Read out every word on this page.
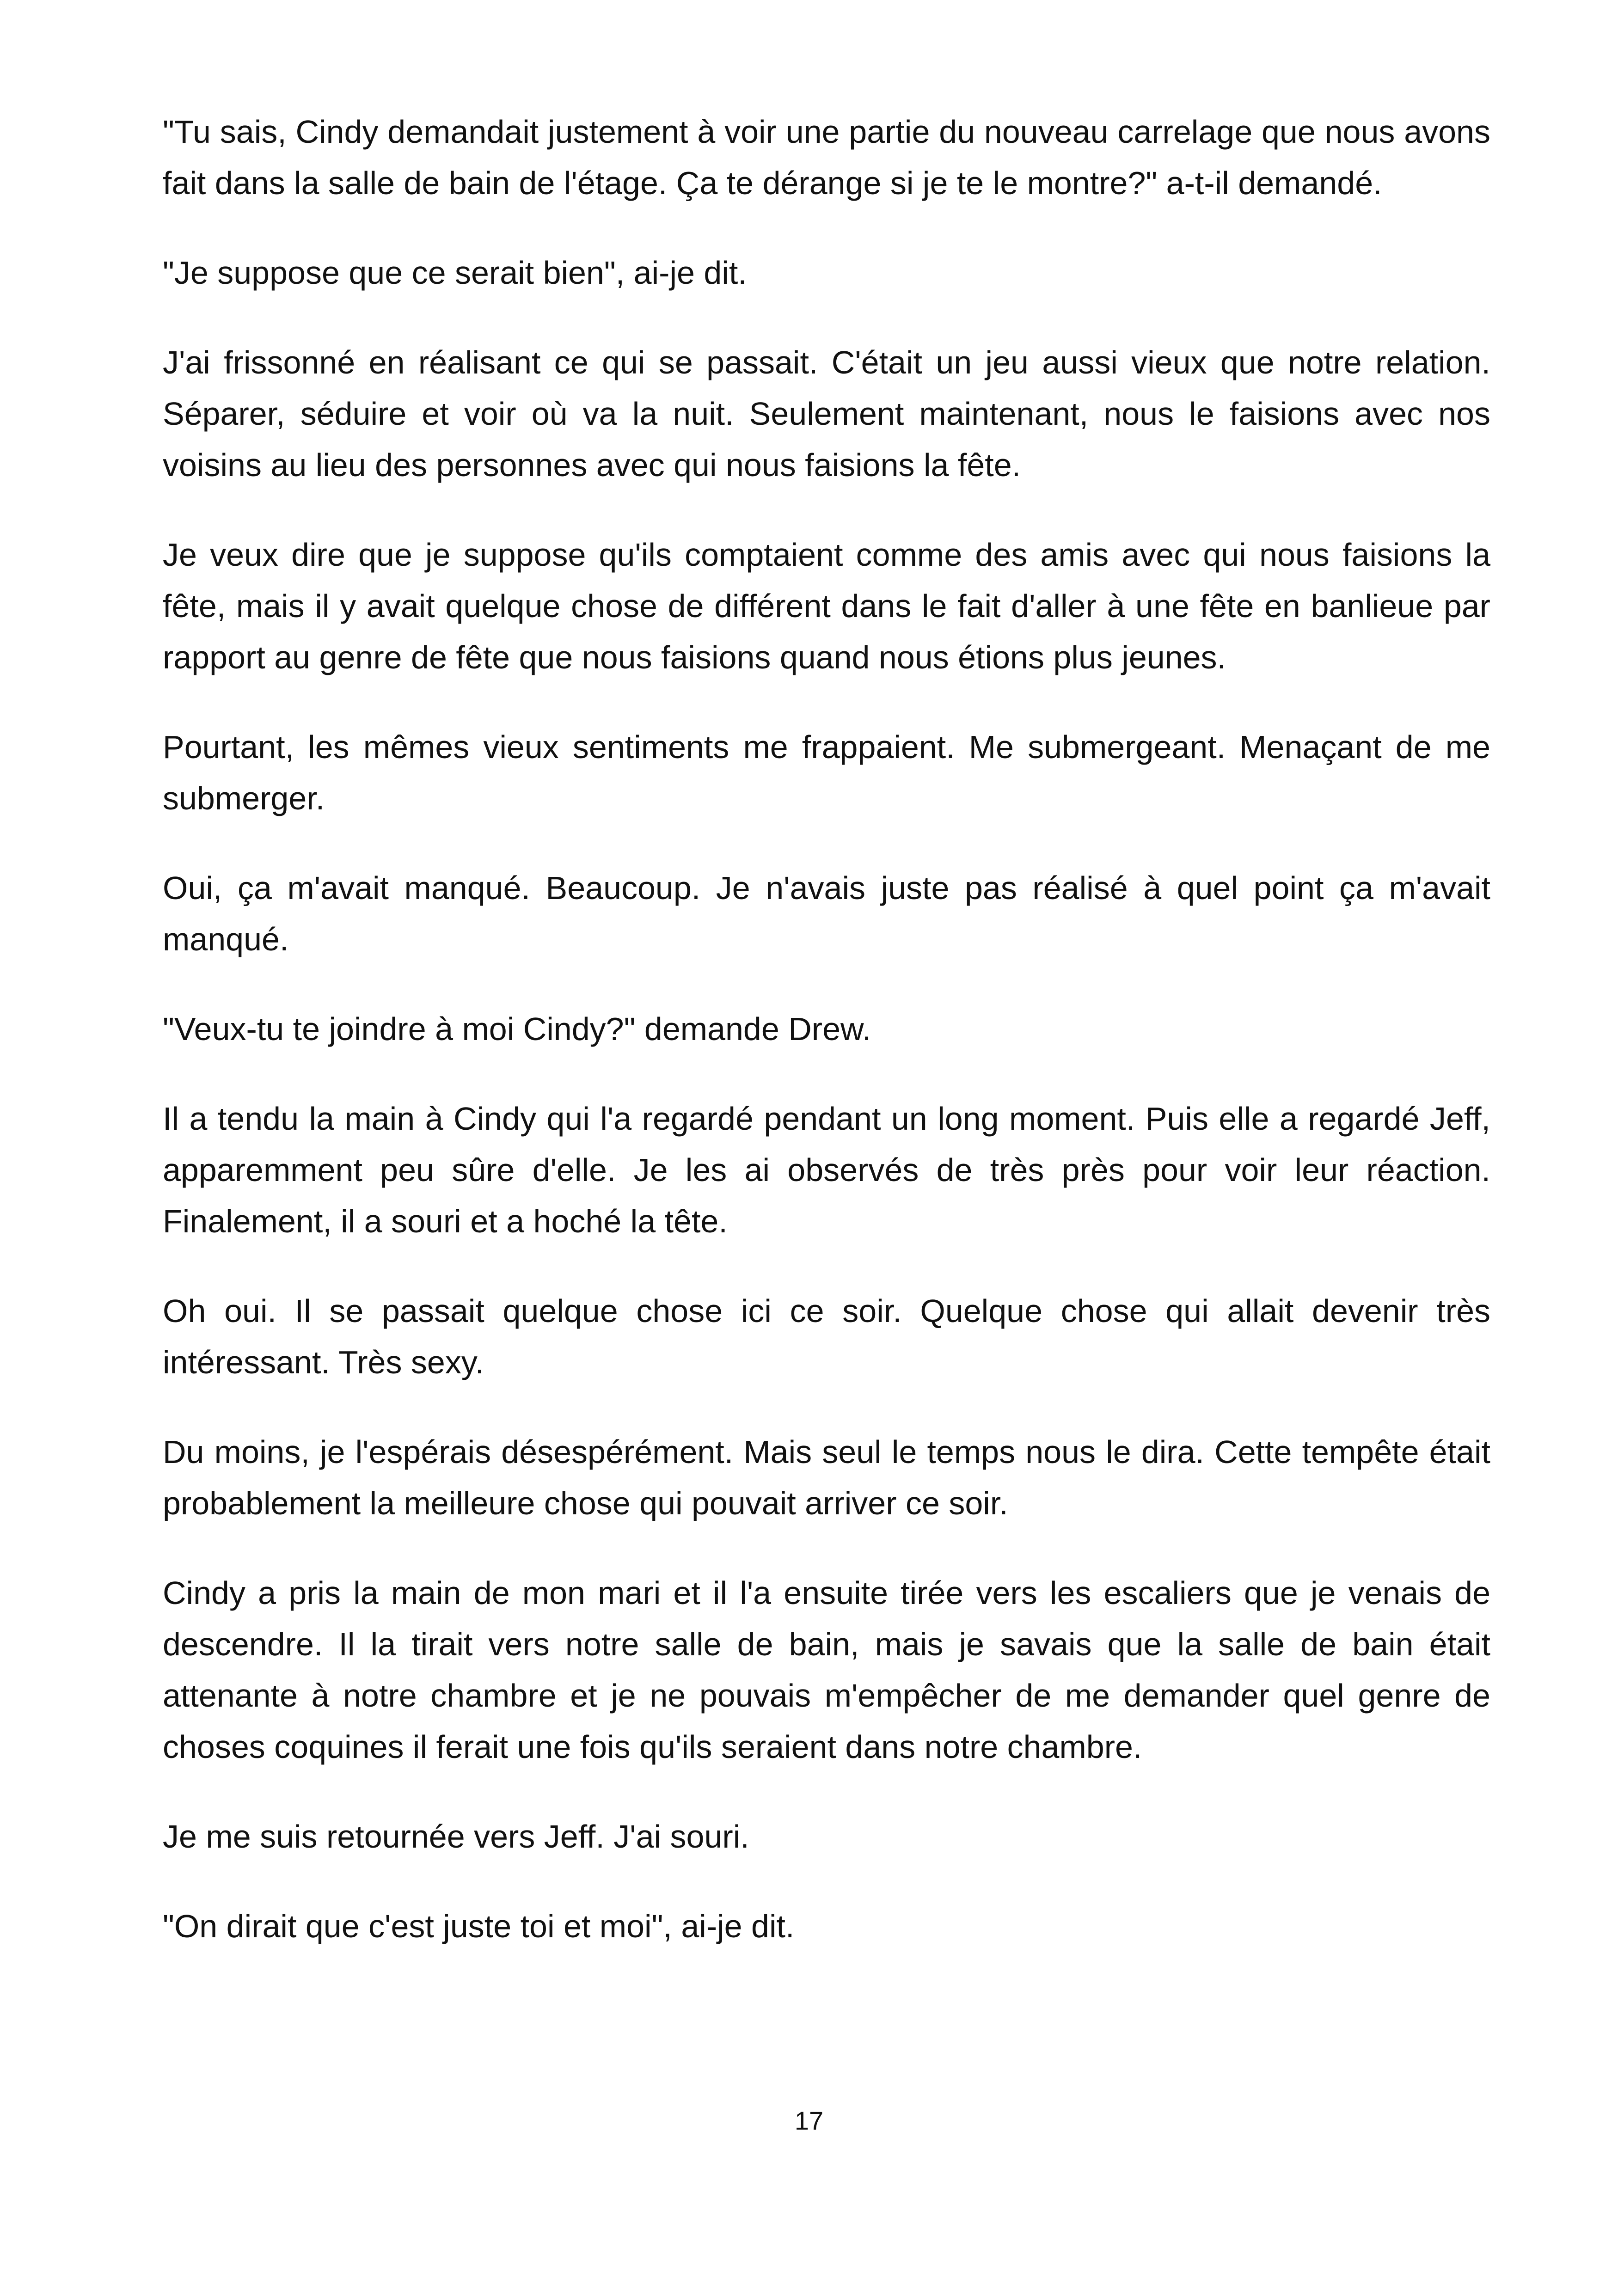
"Tu sais, Cindy demandait justement à voir une partie du nouveau carrelage que nous avons fait dans la salle de bain de l'étage. Ça te dérange si je te le montre?" a-t-il demandé.

"Je suppose que ce serait bien", ai-je dit.

J'ai frissonné en réalisant ce qui se passait. C'était un jeu aussi vieux que notre relation. Séparer, séduire et voir où va la nuit. Seulement maintenant, nous le faisions avec nos voisins au lieu des personnes avec qui nous faisions la fête.

Je veux dire que je suppose qu'ils comptaient comme des amis avec qui nous faisions la fête, mais il y avait quelque chose de différent dans le fait d'aller à une fête en banlieue par rapport au genre de fête que nous faisions quand nous étions plus jeunes.

Pourtant, les mêmes vieux sentiments me frappaient. Me submergeant. Menaçant de me submerger.

Oui, ça m'avait manqué. Beaucoup. Je n'avais juste pas réalisé à quel point ça m'avait manqué.

"Veux-tu te joindre à moi Cindy?" demande Drew.

Il a tendu la main à Cindy qui l'a regardé pendant un long moment. Puis elle a regardé Jeff, apparemment peu sûre d'elle. Je les ai observés de très près pour voir leur réaction. Finalement, il a souri et a hoché la tête.

Oh oui. Il se passait quelque chose ici ce soir. Quelque chose qui allait devenir très intéressant. Très sexy.

Du moins, je l'espérais désespérément. Mais seul le temps nous le dira. Cette tempête était probablement la meilleure chose qui pouvait arriver ce soir.

Cindy a pris la main de mon mari et il l'a ensuite tirée vers les escaliers que je venais de descendre. Il la tirait vers notre salle de bain, mais je savais que la salle de bain était attenante à notre chambre et je ne pouvais m'empêcher de me demander quel genre de choses coquines il ferait une fois qu'ils seraient dans notre chambre.

Je me suis retournée vers Jeff. J'ai souri.

"On dirait que c'est juste toi et moi", ai-je dit.

17
